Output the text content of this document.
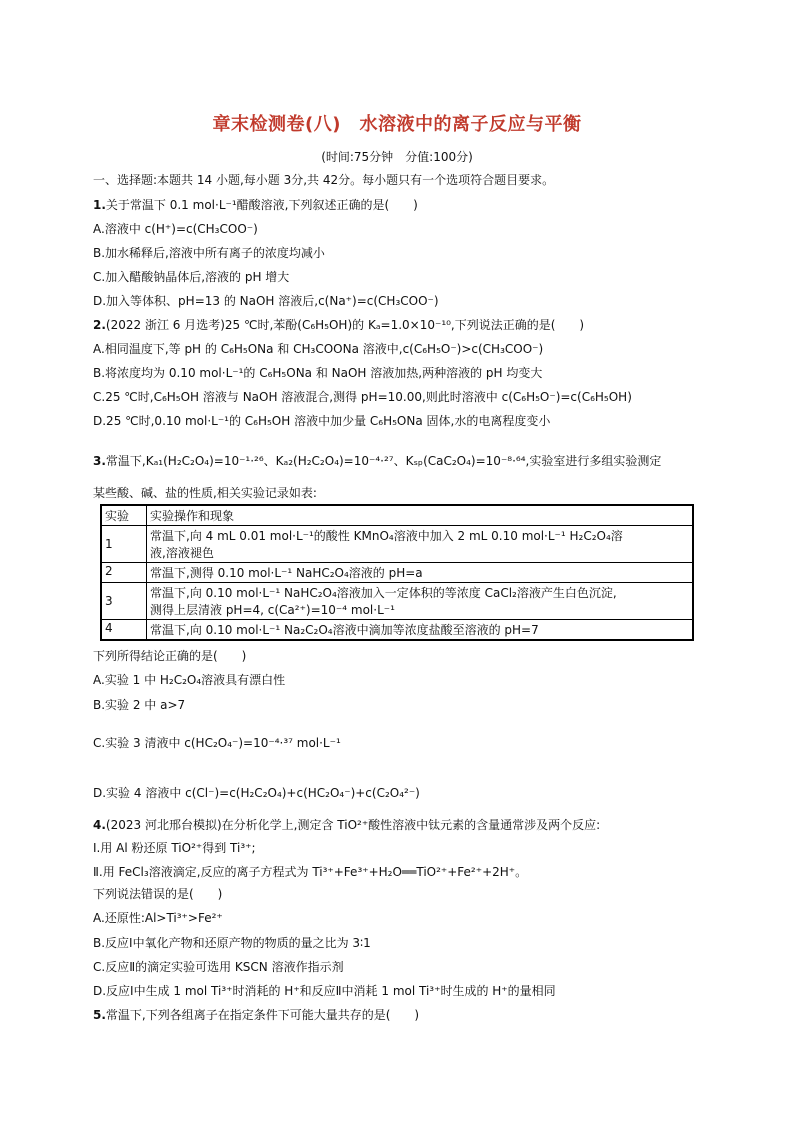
章末检测卷(八)　水溶液中的离子反应与平衡
(时间:75分钟　分值:100分)
一、选择题:本题共 14 小题,每小题 3分,共 42分。每小题只有一个选项符合题目要求。
1.关于常温下 0.1 mol·L⁻¹醋酸溶液,下列叙述正确的是(　　)
A.溶液中 c(H⁺)=c(CH₃COO⁻)
B.加水稀释后,溶液中所有离子的浓度均减小
C.加入醋酸钠晶体后,溶液的 pH 增大
D.加入等体积、pH=13 的 NaOH 溶液后,c(Na⁺)=c(CH₃COO⁻)
2.(2022 浙江 6 月选考)25 ℃时,苯酚(C₆H₅OH)的 Kₐ=1.0×10⁻¹⁰,下列说法正确的是(　　)
A.相同温度下,等 pH 的 C₆H₅ONa 和 CH₃COONa 溶液中,c(C₆H₅O⁻)>c(CH₃COO⁻)
B.将浓度均为 0.10 mol·L⁻¹的 C₆H₅ONa 和 NaOH 溶液加热,两种溶液的 pH 均变大
C.25 ℃时,C₆H₅OH 溶液与 NaOH 溶液混合,测得 pH=10.00,则此时溶液中 c(C₆H₅O⁻)=c(C₆H₅OH)
D.25 ℃时,0.10 mol·L⁻¹的 C₆H₅OH 溶液中加少量 C₆H₅ONa 固体,水的电离程度变小
3.常温下,Kₐ₁(H₂C₂O₄)=10⁻¹·²⁶、Kₐ₂(H₂C₂O₄)=10⁻⁴·²⁷、Kₛₚ(CaC₂O₄)=10⁻⁸·⁶⁴,实验室进行多组实验测定
某些酸、碱、盐的性质,相关实验记录如表:
实验	实验操作和现象
1	常温下,向 4 mL 0.01 mol·L⁻¹的酸性 KMnO₄溶液中加入 2 mL 0.10 mol·L⁻¹ H₂C₂O₄溶
液,溶液褪色

2	常温下,测得 0.10 mol·L⁻¹ NaHC₂O₄溶液的 pH=a
3	常温下,向 0.10 mol·L⁻¹ NaHC₂O₄溶液加入一定体积的等浓度 CaCl₂溶液产生白色沉淀,
测得上层清液 pH=4, c(Ca²⁺)=10⁻⁴ mol·L⁻¹

4	常温下,向 0.10 mol·L⁻¹ Na₂C₂O₄溶液中滴加等浓度盐酸至溶液的 pH=7
下列所得结论正确的是(　　)
A.实验 1 中 H₂C₂O₄溶液具有漂白性
B.实验 2 中 a>7
C.实验 3 清液中 c(HC₂O₄⁻)=10⁻⁴·³⁷ mol·L⁻¹
D.实验 4 溶液中 c(Cl⁻)=c(H₂C₂O₄)+c(HC₂O₄⁻)+c(C₂O₄²⁻)
4.(2023 河北邢台模拟)在分析化学上,测定含 TiO²⁺酸性溶液中钛元素的含量通常涉及两个反应:
Ⅰ.用 Al 粉还原 TiO²⁺得到 Ti³⁺;
Ⅱ.用 FeCl₃溶液滴定,反应的离子方程式为 Ti³⁺+Fe³⁺+H₂O══TiO²⁺+Fe²⁺+2H⁺。
下列说法错误的是(　　)
A.还原性:Al>Ti³⁺>Fe²⁺
B.反应Ⅰ中氧化产物和还原产物的物质的量之比为 3∶1
C.反应Ⅱ的滴定实验可选用 KSCN 溶液作指示剂
D.反应Ⅰ中生成 1 mol Ti³⁺时消耗的 H⁺和反应Ⅱ中消耗 1 mol Ti³⁺时生成的 H⁺的量相同
5.常温下,下列各组离子在指定条件下可能大量共存的是(　　)
